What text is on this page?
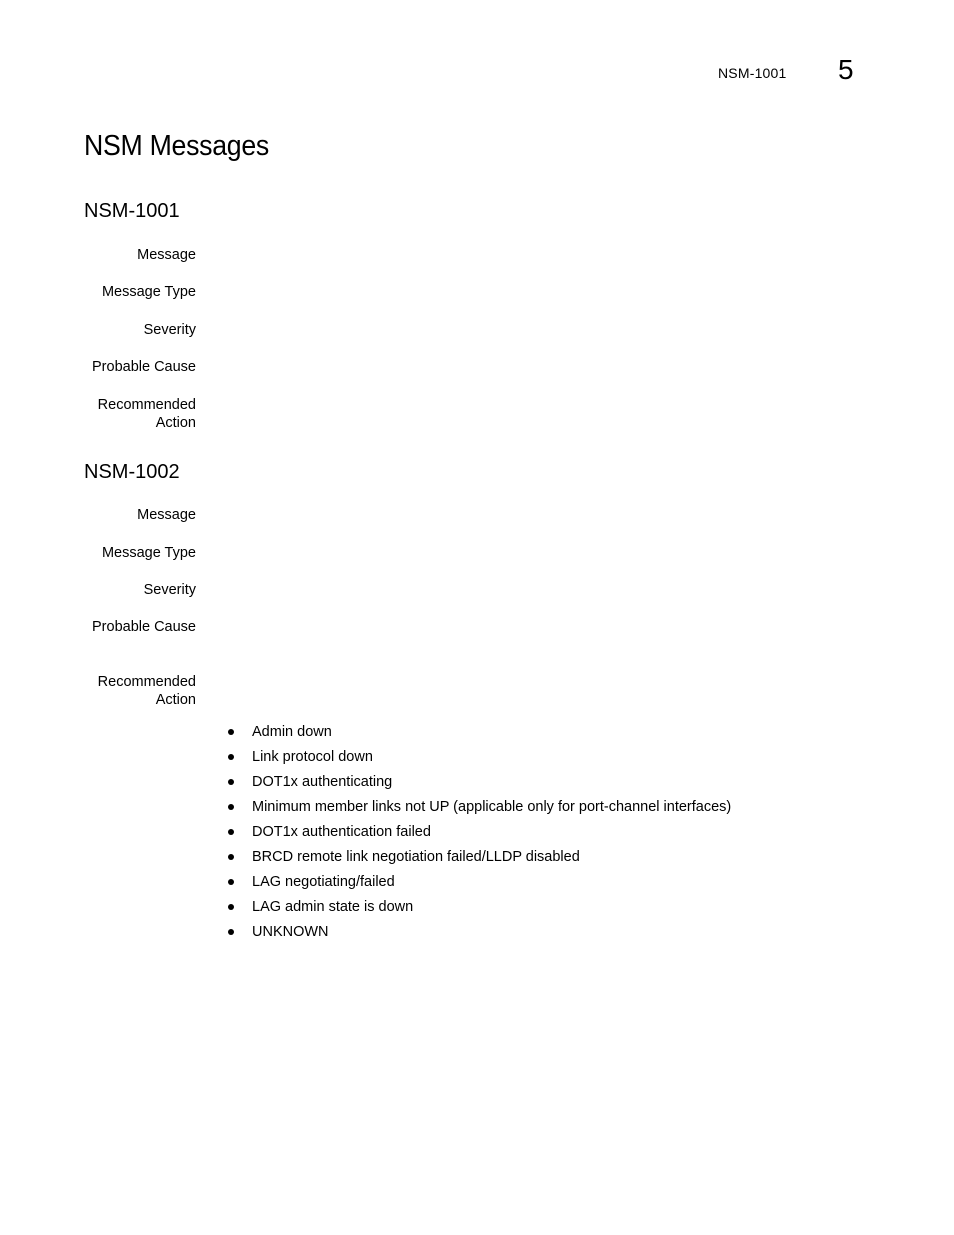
NSM-1001 5
NSM Messages
NSM-1001
Message
Message Type
Severity
Probable Cause
Recommended
Action
NSM-1002
Message
Message Type
Severity
Probable Cause
Recommended
Action
Admin down
Link protocol down
DOT1x authenticating
Minimum member links not UP (applicable only for port-channel interfaces)
DOT1x authentication failed
BRCD remote link negotiation failed/LLDP disabled
LAG negotiating/failed
LAG admin state is down
UNKNOWN
